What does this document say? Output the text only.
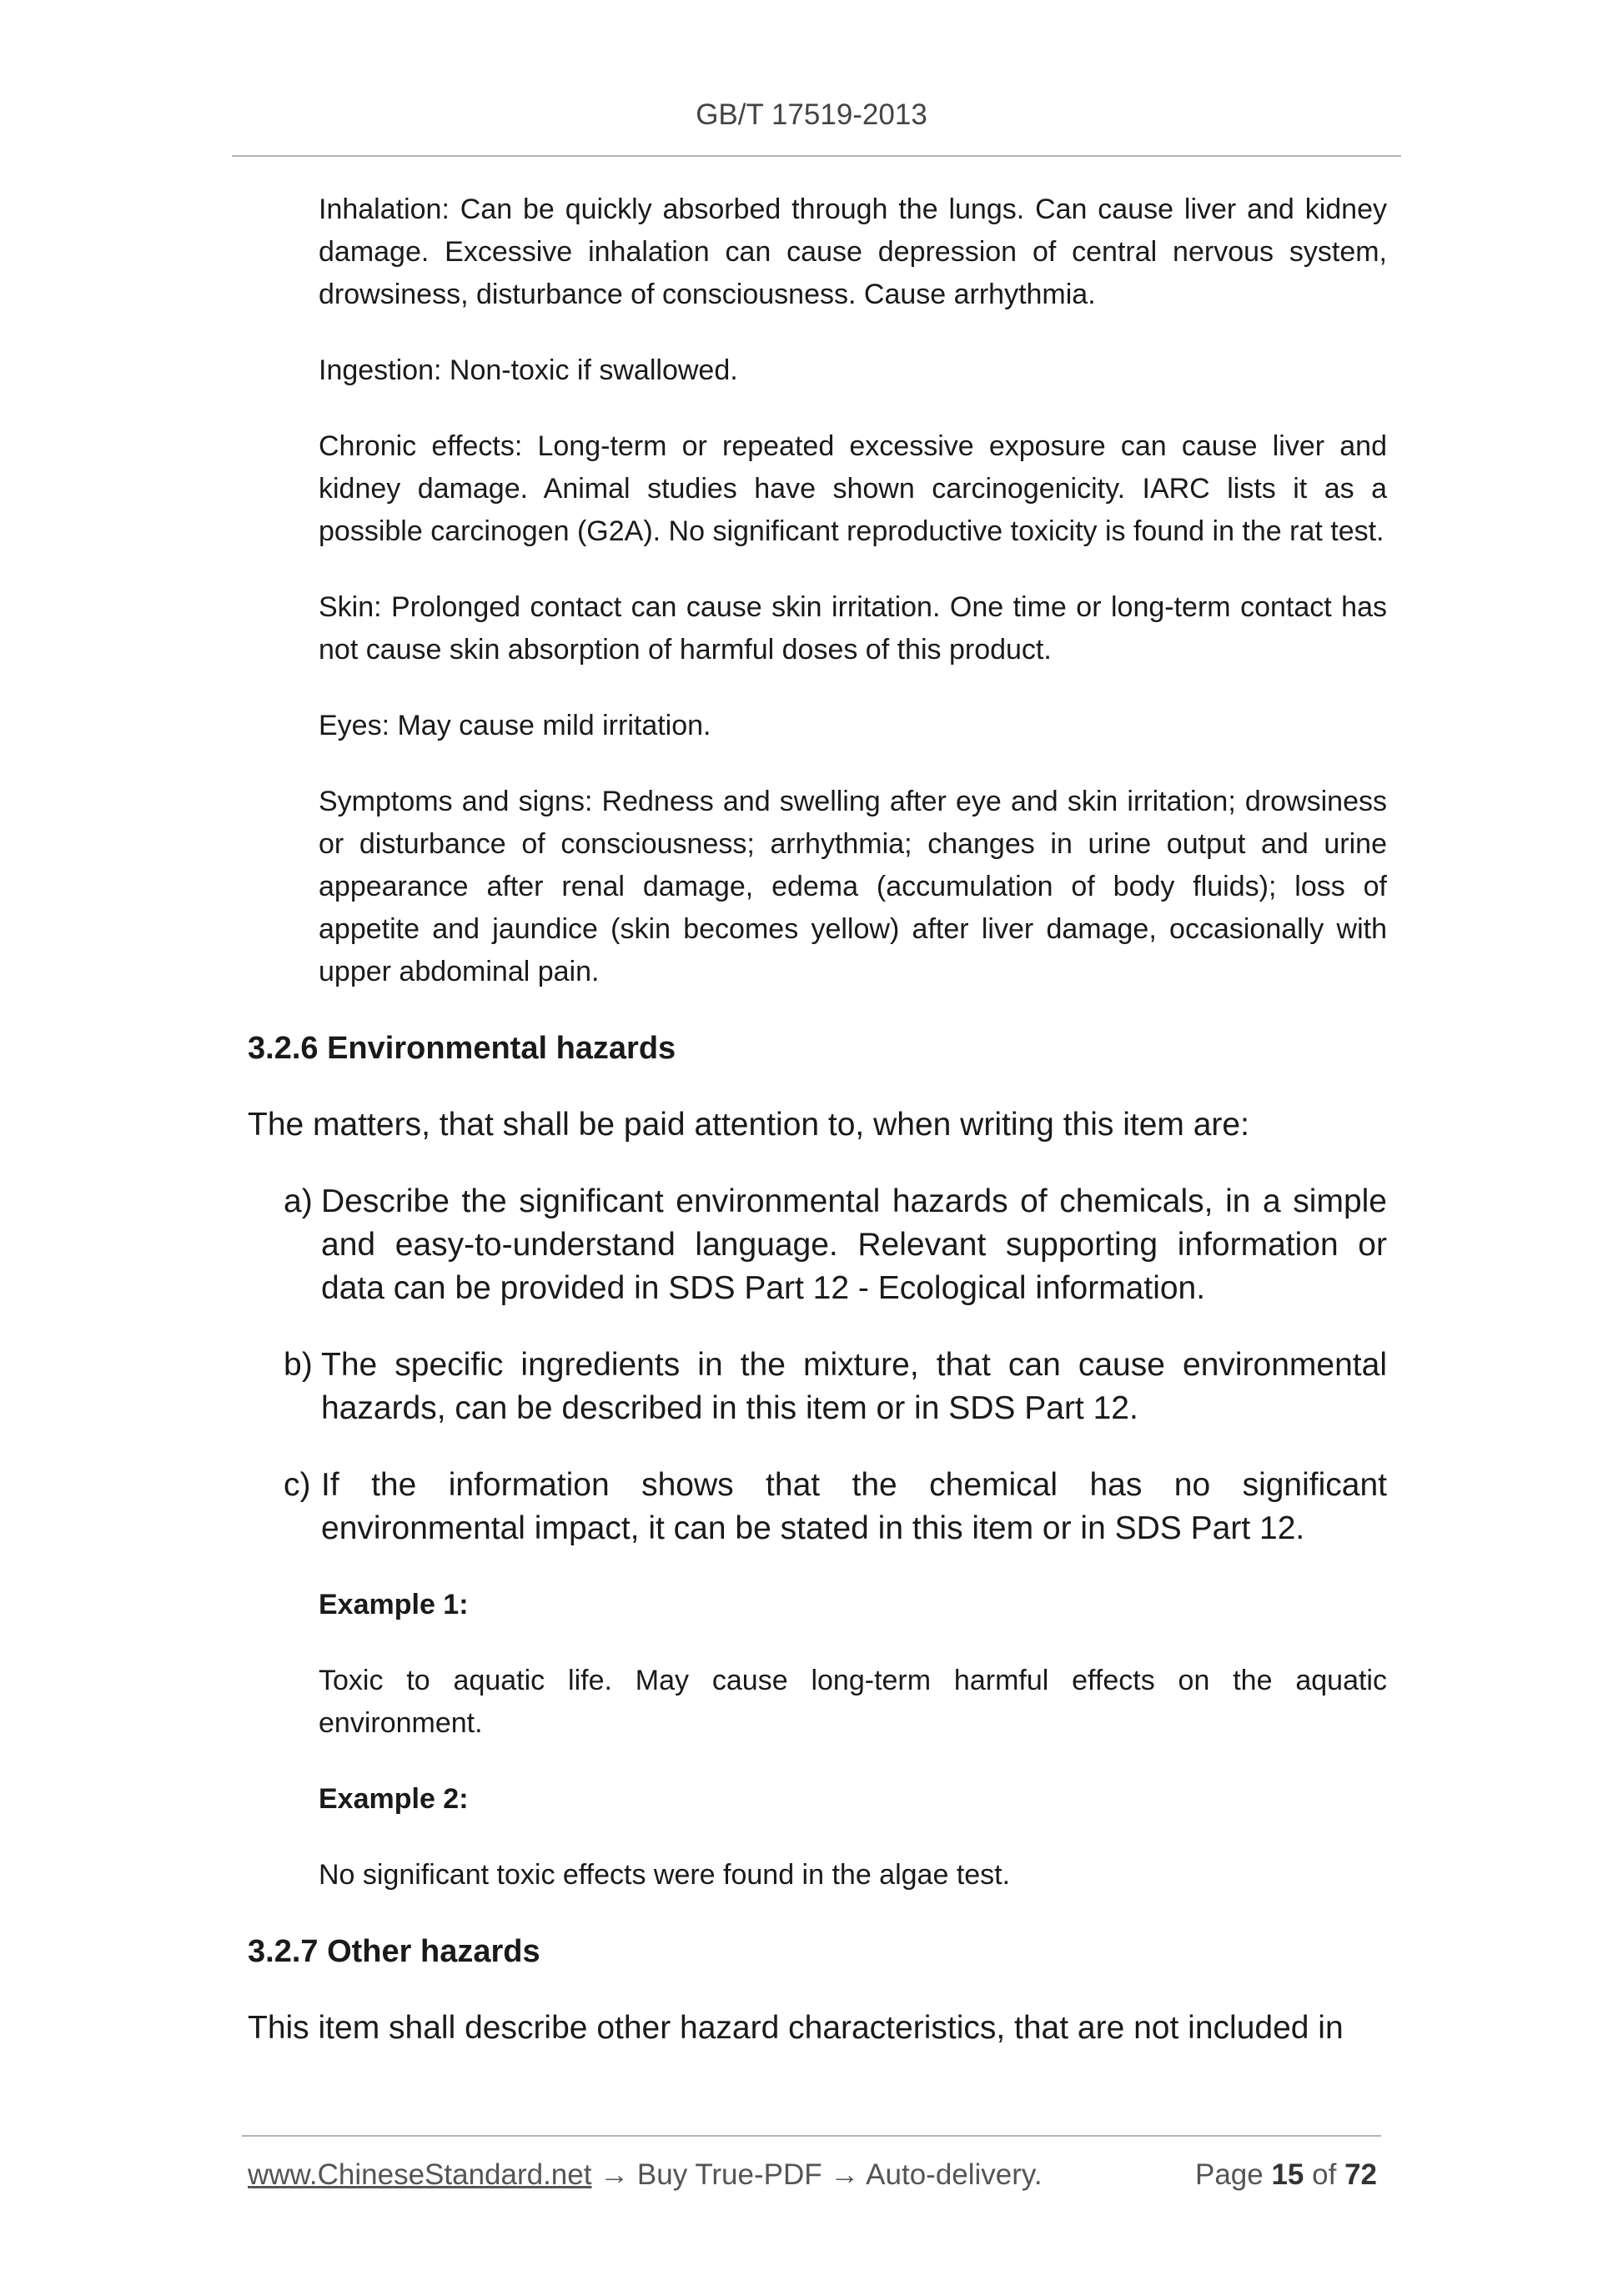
GB/T 17519-2013

Inhalation: Can be quickly absorbed through the lungs. Can cause liver and kidney damage. Excessive inhalation can cause depression of central nervous system, drowsiness, disturbance of consciousness. Cause arrhythmia.

Ingestion: Non-toxic if swallowed.

Chronic effects: Long-term or repeated excessive exposure can cause liver and kidney damage. Animal studies have shown carcinogenicity. IARC lists it as a possible carcinogen (G2A). No significant reproductive toxicity is found in the rat test.

Skin: Prolonged contact can cause skin irritation. One time or long-term contact has not cause skin absorption of harmful doses of this product.

Eyes: May cause mild irritation.

Symptoms and signs: Redness and swelling after eye and skin irritation; drowsiness or disturbance of consciousness; arrhythmia; changes in urine output and urine appearance after renal damage, edema (accumulation of body fluids); loss of appetite and jaundice (skin becomes yellow) after liver damage, occasionally with upper abdominal pain.

3.2.6 Environmental hazards

The matters, that shall be paid attention to, when writing this item are:

a) Describe the significant environmental hazards of chemicals, in a simple and easy-to-understand language. Relevant supporting information or data can be provided in SDS Part 12 - Ecological information.
b) The specific ingredients in the mixture, that can cause environmental hazards, can be described in this item or in SDS Part 12.
c) If the information shows that the chemical has no significant environmental impact, it can be stated in this item or in SDS Part 12.

Example 1:

Toxic to aquatic life. May cause long-term harmful effects on the aquatic environment.

Example 2:

No significant toxic effects were found in the algae test.

3.2.7 Other hazards

This item shall describe other hazard characteristics, that are not included in

www.ChineseStandard.net → Buy True-PDF → Auto-delivery.	Page 15 of 72
